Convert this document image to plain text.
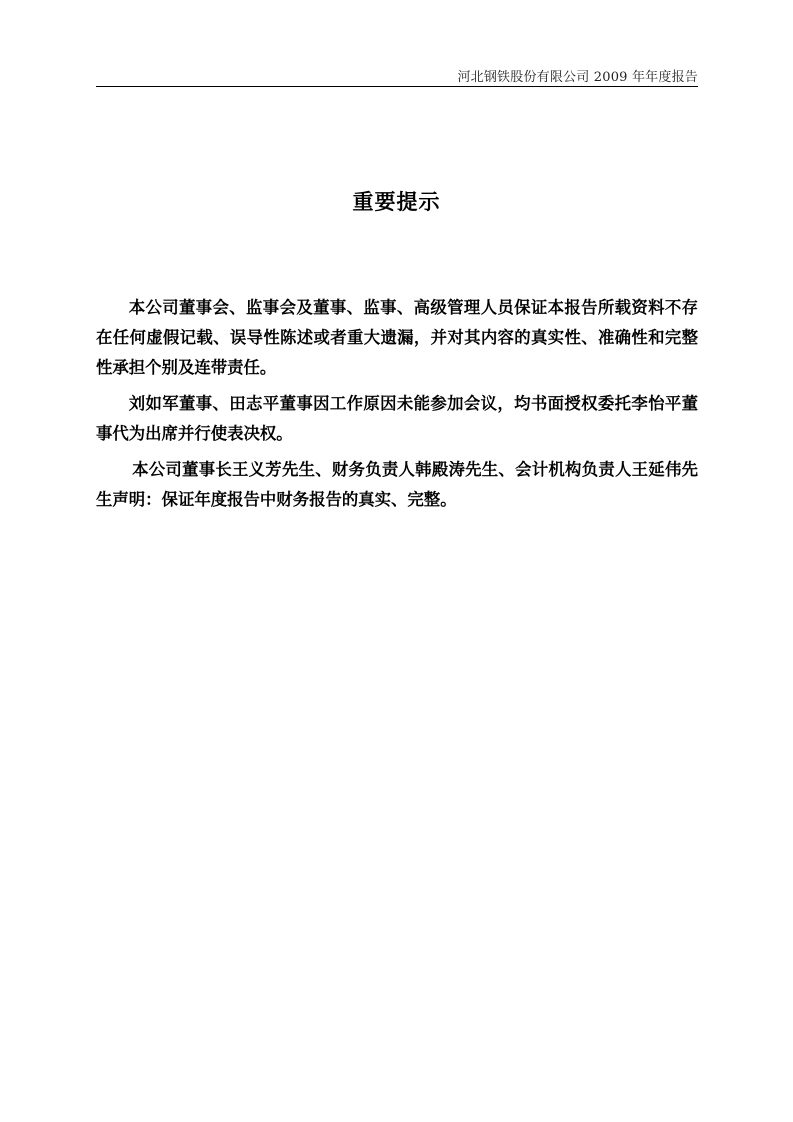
河北钢铁股份有限公司 2009 年年度报告
重要提示

本公司董事会、监事会及董事、监事、高级管理人员保证本报告所载资料不存在任何虚假记载、误导性陈述或者重大遗漏，并对其内容的真实性、准确性和完整性承担个别及连带责任。

刘如军董事、田志平董事因工作原因未能参加会议，均书面授权委托李怡平董事代为出席并行使表决权。

本公司董事长王义芳先生、财务负责人韩殿涛先生、会计机构负责人王延伟先生声明：保证年度报告中财务报告的真实、完整。
